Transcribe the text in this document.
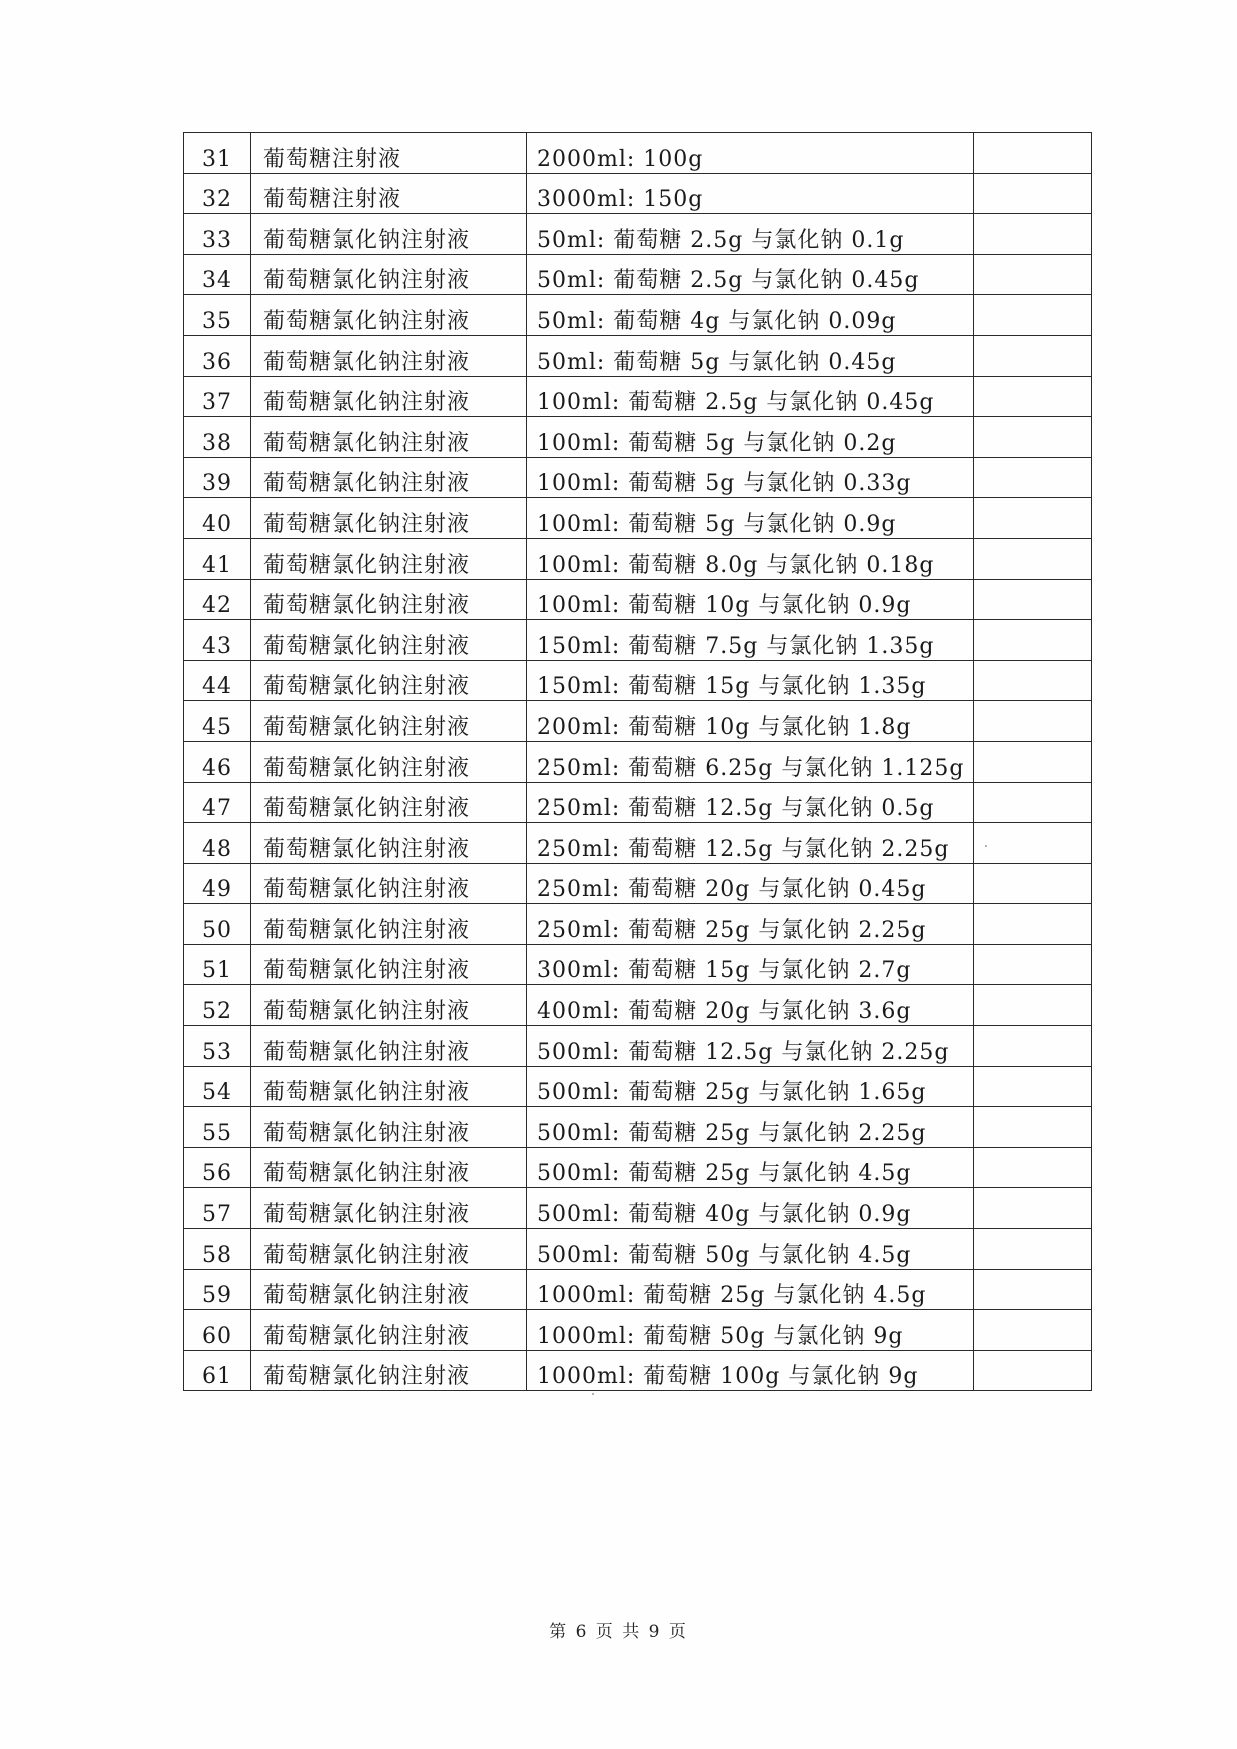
31	葡萄糖注射液	2000ml: 100g	
32	葡萄糖注射液	3000ml: 150g	
33	葡萄糖氯化钠注射液	50ml: 葡萄糖 2.5g 与氯化钠 0.1g	
34	葡萄糖氯化钠注射液	50ml: 葡萄糖 2.5g 与氯化钠 0.45g	
35	葡萄糖氯化钠注射液	50ml: 葡萄糖 4g 与氯化钠 0.09g	
36	葡萄糖氯化钠注射液	50ml: 葡萄糖 5g 与氯化钠 0.45g	
37	葡萄糖氯化钠注射液	100ml: 葡萄糖 2.5g 与氯化钠 0.45g	
38	葡萄糖氯化钠注射液	100ml: 葡萄糖 5g 与氯化钠 0.2g	
39	葡萄糖氯化钠注射液	100ml: 葡萄糖 5g 与氯化钠 0.33g	
40	葡萄糖氯化钠注射液	100ml: 葡萄糖 5g 与氯化钠 0.9g	
41	葡萄糖氯化钠注射液	100ml: 葡萄糖 8.0g 与氯化钠 0.18g	
42	葡萄糖氯化钠注射液	100ml: 葡萄糖 10g 与氯化钠 0.9g	
43	葡萄糖氯化钠注射液	150ml: 葡萄糖 7.5g 与氯化钠 1.35g	
44	葡萄糖氯化钠注射液	150ml: 葡萄糖 15g 与氯化钠 1.35g	
45	葡萄糖氯化钠注射液	200ml: 葡萄糖 10g 与氯化钠 1.8g	
46	葡萄糖氯化钠注射液	250ml: 葡萄糖 6.25g 与氯化钠 1.125g	
47	葡萄糖氯化钠注射液	250ml: 葡萄糖 12.5g 与氯化钠 0.5g	
48	葡萄糖氯化钠注射液	250ml: 葡萄糖 12.5g 与氯化钠 2.25g	
49	葡萄糖氯化钠注射液	250ml: 葡萄糖 20g 与氯化钠 0.45g	
50	葡萄糖氯化钠注射液	250ml: 葡萄糖 25g 与氯化钠 2.25g	
51	葡萄糖氯化钠注射液	300ml: 葡萄糖 15g 与氯化钠 2.7g	
52	葡萄糖氯化钠注射液	400ml: 葡萄糖 20g 与氯化钠 3.6g	
53	葡萄糖氯化钠注射液	500ml: 葡萄糖 12.5g 与氯化钠 2.25g	
54	葡萄糖氯化钠注射液	500ml: 葡萄糖 25g 与氯化钠 1.65g	
55	葡萄糖氯化钠注射液	500ml: 葡萄糖 25g 与氯化钠 2.25g	
56	葡萄糖氯化钠注射液	500ml: 葡萄糖 25g 与氯化钠 4.5g	
57	葡萄糖氯化钠注射液	500ml: 葡萄糖 40g 与氯化钠 0.9g	
58	葡萄糖氯化钠注射液	500ml: 葡萄糖 50g 与氯化钠 4.5g	
59	葡萄糖氯化钠注射液	1000ml: 葡萄糖 25g 与氯化钠 4.5g	
60	葡萄糖氯化钠注射液	1000ml: 葡萄糖 50g 与氯化钠 9g	
61	葡萄糖氯化钠注射液	1000ml: 葡萄糖 100g 与氯化钠 9g	
第 6 页 共 9 页
